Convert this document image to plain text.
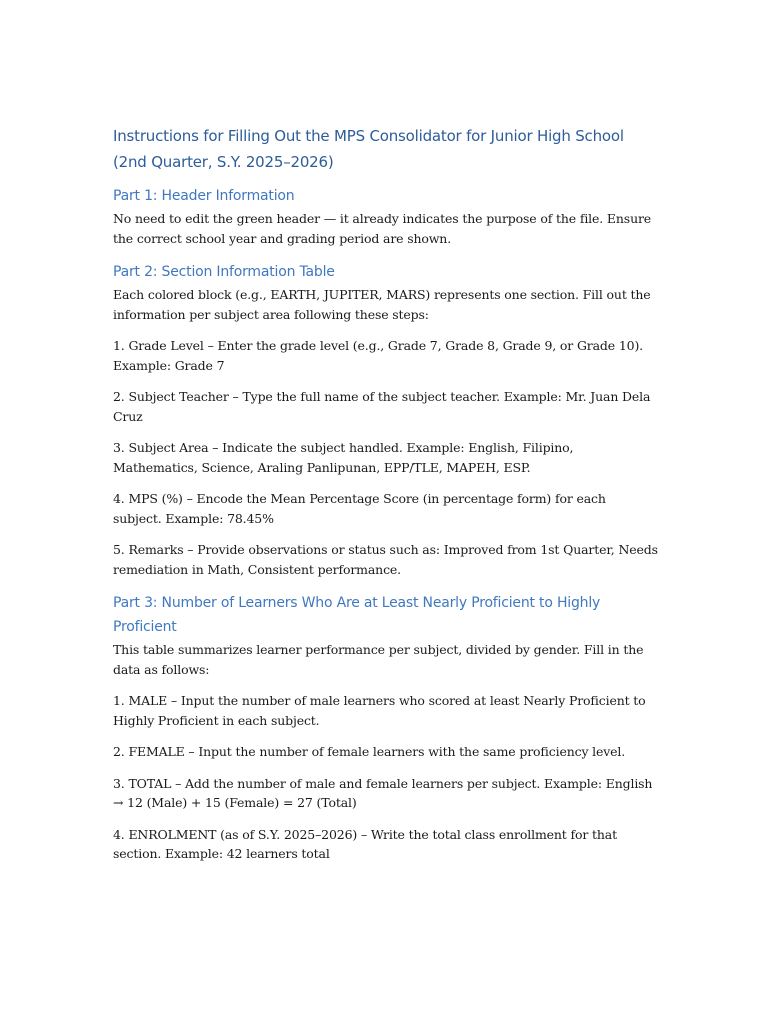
Instructions for Filling Out the MPS Consolidator for Junior High School (2nd Quarter, S.Y. 2025–2026)
Part 1: Header Information

No need to edit the green header — it already indicates the purpose of the file. Ensure the correct school year and grading period are shown.

Part 2: Section Information Table

Each colored block (e.g., EARTH, JUPITER, MARS) represents one section. Fill out the information per subject area following these steps:

1. Grade Level – Enter the grade level (e.g., Grade 7, Grade 8, Grade 9, or Grade 10). Example: Grade 7

2. Subject Teacher – Type the full name of the subject teacher. Example: Mr. Juan Dela Cruz

3. Subject Area – Indicate the subject handled. Example: English, Filipino, Mathematics, Science, Araling Panlipunan, EPP/TLE, MAPEH, ESP.

4. MPS (%) – Encode the Mean Percentage Score (in percentage form) for each subject. Example: 78.45%

5. Remarks – Provide observations or status such as: Improved from 1st Quarter, Needs remediation in Math, Consistent performance.

Part 3: Number of Learners Who Are at Least Nearly Proficient to Highly Proficient

This table summarizes learner performance per subject, divided by gender. Fill in the data as follows:

1. MALE – Input the number of male learners who scored at least Nearly Proficient to Highly Proficient in each subject.

2. FEMALE – Input the number of female learners with the same proficiency level.

3. TOTAL – Add the number of male and female learners per subject. Example: English → 12 (Male) + 15 (Female) = 27 (Total)

4. ENROLMENT (as of S.Y. 2025–2026) – Write the total class enrollment for that section. Example: 42 learners total
